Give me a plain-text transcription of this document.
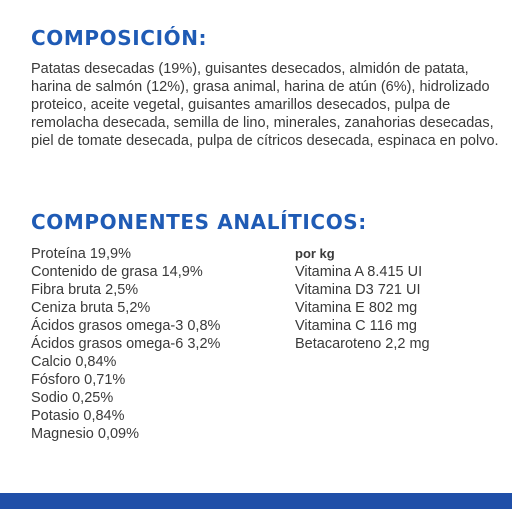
COMPOSICIÓN:

Patatas desecadas (19%), guisantes desecados, almidón de patata, harina de salmón (12%), grasa animal, harina de atún (6%), hidrolizado proteico, aceite vegetal, guisantes amarillos desecados, pulpa de remolacha desecada, semilla de lino, minerales, zanahorias desecadas, piel de tomate desecada, pulpa de cítricos desecada, espinaca en polvo.

COMPONENTES ANALÍTICOS:
Proteína 19,9%
Contenido de grasa 14,9%
Fibra bruta 2,5%
Ceniza bruta 5,2%
Ácidos grasos omega-3 0,8%
Ácidos grasos omega-6 3,2%
Calcio 0,84%
Fósforo 0,71%
Sodio 0,25%
Potasio 0,84%
Magnesio 0,09%
por kg
Vitamina A 8.415 UI
Vitamina D3 721 UI
Vitamina E 802 mg
Vitamina C 116 mg
Betacaroteno 2,2 mg
